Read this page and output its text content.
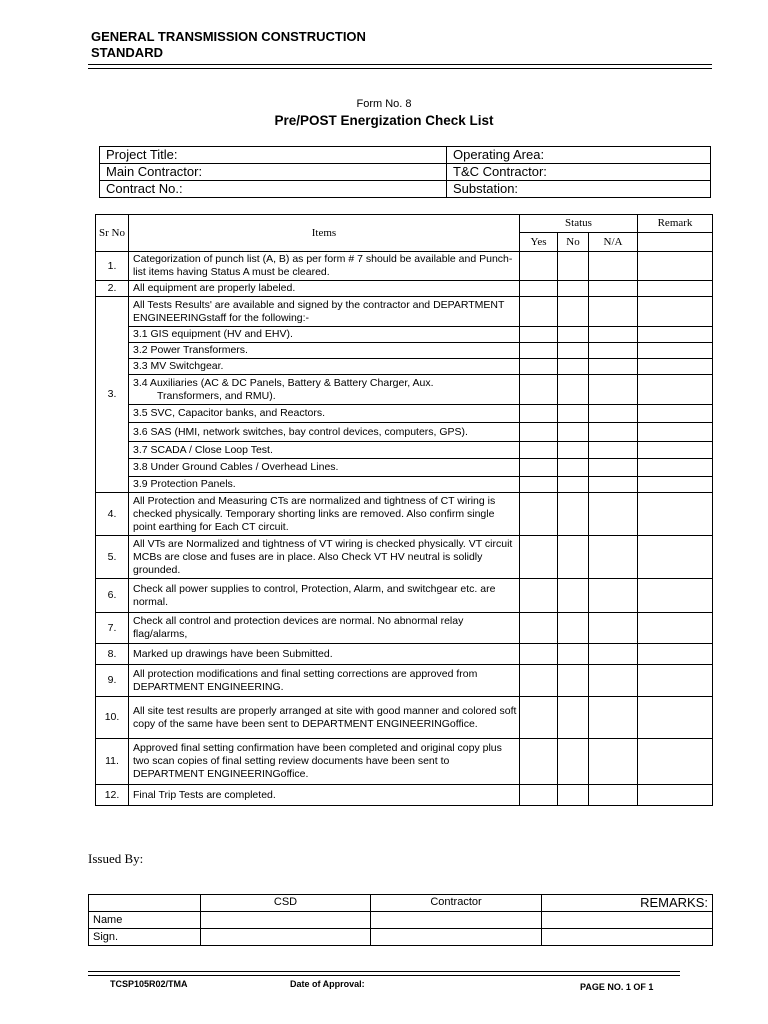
GENERAL TRANSMISSION CONSTRUCTION
STANDARD
Form No. 8
Pre/POST Energization Check List
Project Title:	Operating Area:
Main Contractor:	T&C Contractor:
Contract No.:	Substation:
Sr No	Items	Status			Remark
		Yes	No	N/A	
1.	Categorization of punch list (A, B) as per form # 7 should be available and Punch-list items having Status A must be cleared.				
2.	All equipment are properly labeled.				
3.	All Tests Results' are available and signed by the contractor and DEPARTMENT ENGINEERINGstaff for the following:-				
	3.1 GIS equipment (HV and EHV).				
	3.2 Power Transformers.				
	3.3 MV Switchgear.				
	3.4 Auxiliaries (AC & DC Panels, Battery & Battery Charger, Aux.
Transformers, and RMU).				

	3.5 SVC, Capacitor banks, and Reactors.				
	3.6 SAS (HMI, network switches, bay control devices, computers, GPS).				
	3.7 SCADA / Close Loop Test.				
	3.8 Under Ground Cables / Overhead Lines.				
	3.9 Protection Panels.				
4.	All Protection and Measuring CTs are normalized and tightness of CT wiring is checked physically. Temporary shorting links are removed. Also confirm single point earthing for Each CT circuit.				
5.	All VTs are Normalized and tightness of VT wiring is checked physically. VT circuit MCBs are close and fuses are in place. Also Check VT HV neutral is solidly grounded.				
6.	Check all power supplies to control, Protection, Alarm, and switchgear etc. are normal.				
7.	Check all control and protection devices are normal. No abnormal relay flag/alarms,				
8.	Marked up drawings have been Submitted.				
9.	All protection modifications and final setting corrections are approved from DEPARTMENT ENGINEERING.				
10.	All site test results are properly arranged at site with good manner and colored soft copy of the same have been sent to DEPARTMENT ENGINEERINGoffice.				
11.	Approved final setting confirmation have been completed and original copy plus two scan copies of final setting review documents have been sent to DEPARTMENT ENGINEERINGoffice.				
12.	Final Trip Tests are completed.				
Issued By:
	CSD	Contractor	REMARKS:
Name			
Sign.			
TCSP105R02/TMA	Date of Approval:	PAGE NO. 1 OF 1
